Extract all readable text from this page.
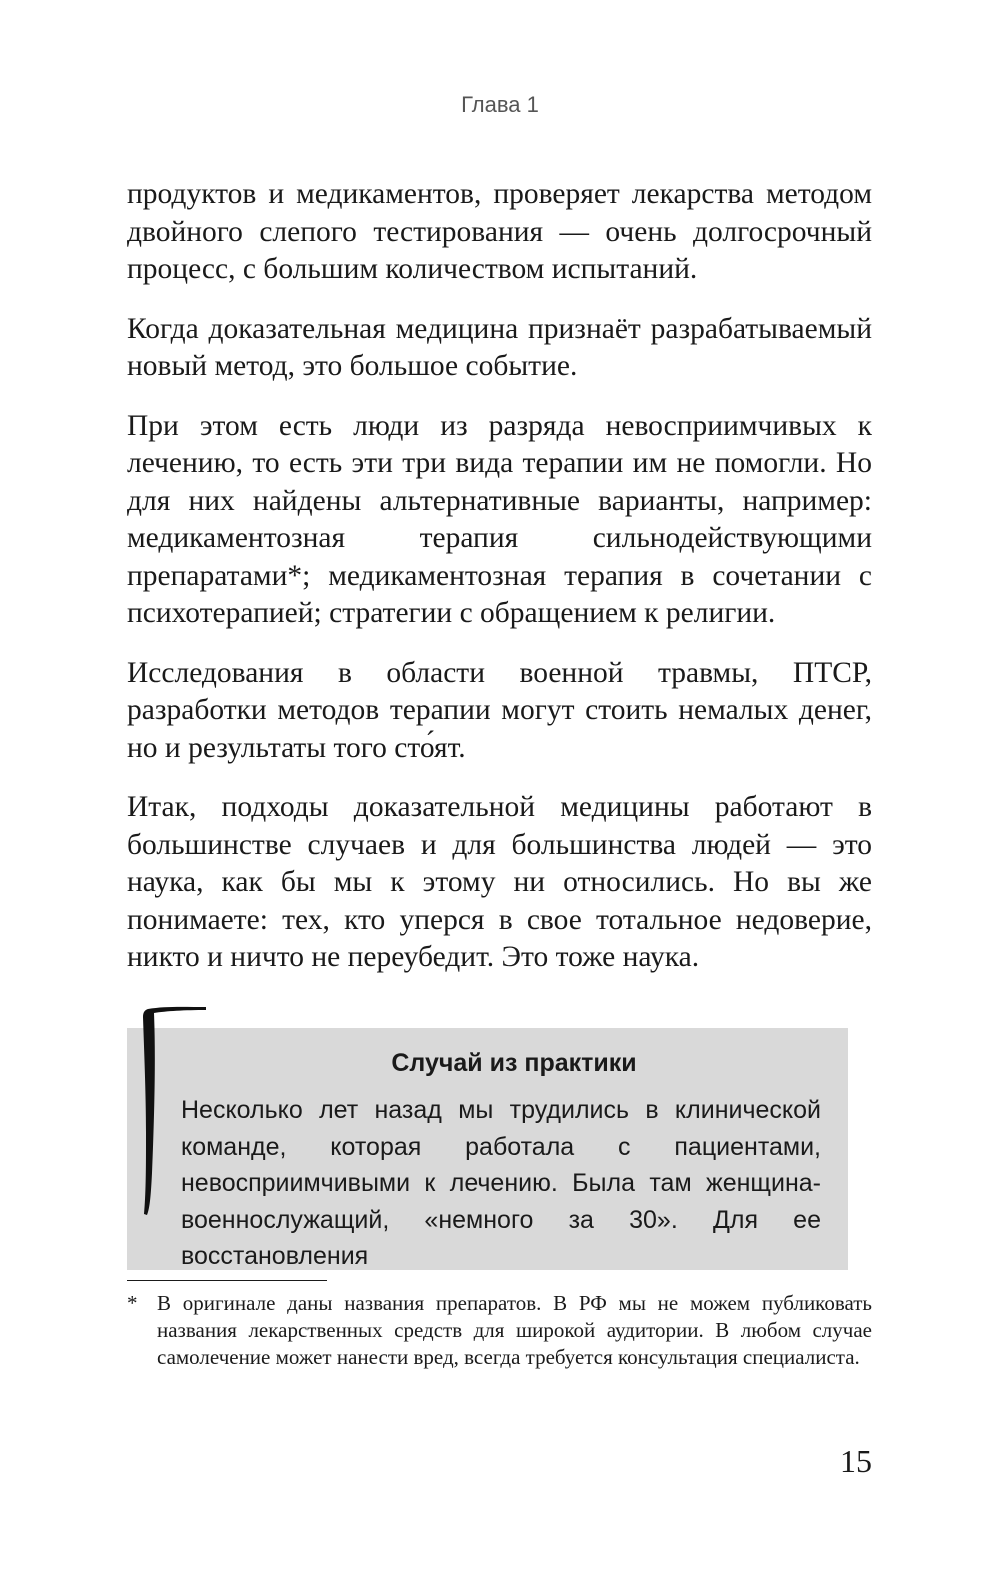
Глава 1

продуктов и медикаментов, проверяет лекарства методом двойного слепого тестирования — очень долгосрочный процесс, с большим количеством испытаний.

Когда доказательная медицина признаёт разрабатываемый новый метод, это большое событие.

При этом есть люди из разряда невосприимчивых к лечению, то есть эти три вида терапии им не помогли. Но для них найдены альтернативные варианты, например: медикаментозная терапия сильнодействующими препаратами*; медикаментозная терапия в сочетании с психотерапией; стратегии с обращением к религии.

Исследования в области военной травмы, ПТСР, разработки методов терапии могут стоить немалых денег, но и результаты того сто́ят.

Итак, подходы доказательной медицины работают в большинстве случаев и для большинства людей — это наука, как бы мы к этому ни относились. Но вы же понимаете: тех, кто уперся в свое тотальное недоверие, никто и ничто не переубедит. Это тоже наука.

Случай из практики
Несколько лет назад мы трудились в клинической команде, которая работала с пациентами, невосприимчивыми к лечению. Была там женщина-военнослужащий, «немного за 30». Для ее восстановления
* В оригинале даны названия препаратов. В РФ мы не можем публиковать названия лекарственных средств для широкой аудитории. В любом случае самолечение может нанести вред, всегда требуется консультация специалиста.
15
